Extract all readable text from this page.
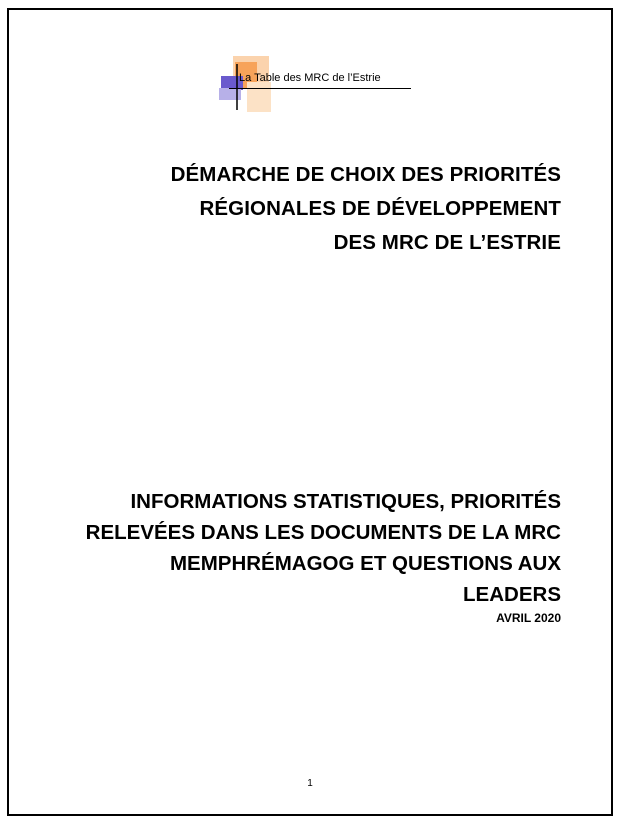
La Table des MRC de l’Estrie
DÉMARCHE DE CHOIX DES PRIORITÉS
RÉGIONALES DE DÉVELOPPEMENT
DES MRC DE L’ESTRIE
INFORMATIONS STATISTIQUES, PRIORITÉS
RELEVÉES DANS LES DOCUMENTS DE LA MRC
MEMPHRÉMAGOG ET QUESTIONS AUX
LEADERS
AVRIL 2020
1
